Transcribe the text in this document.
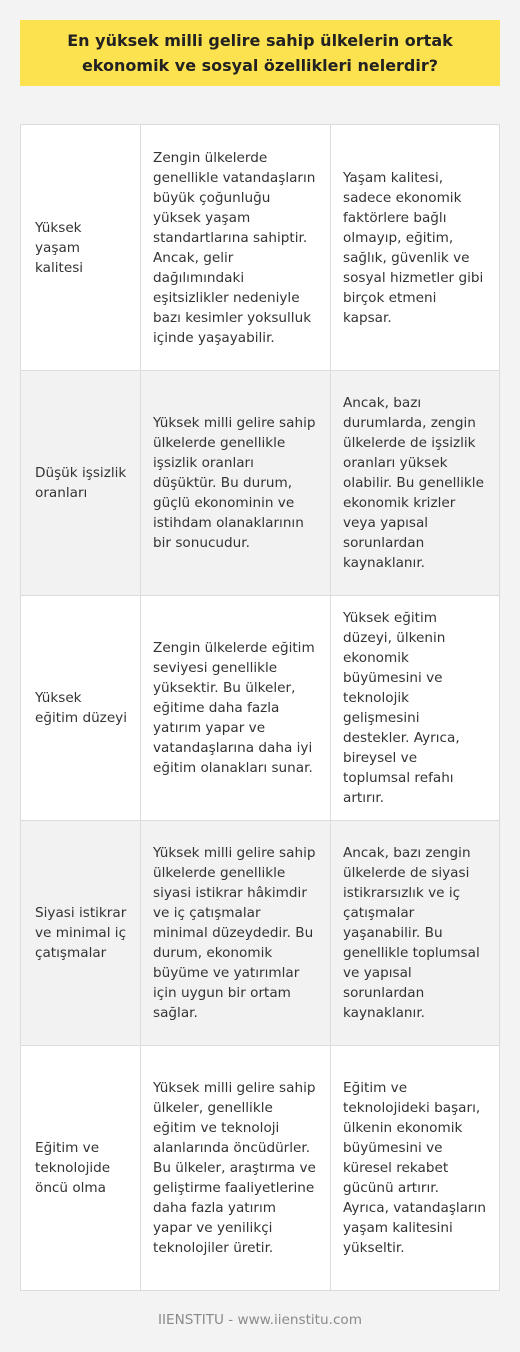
En yüksek milli gelire sahip ülkelerin ortak ekonomik ve sosyal özellikleri nelerdir?
Yüksek yaşam kalitesi
Zengin ülkelerde genellikle vatandaşların büyük çoğunluğu yüksek yaşam standartlarına sahiptir. Ancak, gelir dağılımındaki eşitsizlikler nedeniyle bazı kesimler yoksulluk içinde yaşayabilir.
Yaşam kalitesi, sadece ekonomik faktörlere bağlı olmayıp, eğitim, sağlık, güvenlik ve sosyal hizmetler gibi birçok etmeni kapsar.
Düşük işsizlik oranları
Yüksek milli gelire sahip ülkelerde genellikle işsizlik oranları düşüktür. Bu durum, güçlü ekonominin ve istihdam olanaklarının bir sonucudur.
Ancak, bazı durumlarda, zengin ülkelerde de işsizlik oranları yüksek olabilir. Bu genellikle ekonomik krizler veya yapısal sorunlardan kaynaklanır.
Yüksek eğitim düzeyi
Zengin ülkelerde eğitim seviyesi genellikle yüksektir. Bu ülkeler, eğitime daha fazla yatırım yapar ve vatandaşlarına daha iyi eğitim olanakları sunar.
Yüksek eğitim düzeyi, ülkenin ekonomik büyümesini ve teknolojik gelişmesini destekler. Ayrıca, bireysel ve toplumsal refahı artırır.
Siyasi istikrar ve minimal iç çatışmalar
Yüksek milli gelire sahip ülkelerde genellikle siyasi istikrar hâkimdir ve iç çatışmalar minimal düzeydedir. Bu durum, ekonomik büyüme ve yatırımlar için uygun bir ortam sağlar.
Ancak, bazı zengin ülkelerde de siyasi istikrarsızlık ve iç çatışmalar yaşanabilir. Bu genellikle toplumsal ve yapısal sorunlardan kaynaklanır.
Eğitim ve teknolojide öncü olma
Yüksek milli gelire sahip ülkeler, genellikle eğitim ve teknoloji alanlarında öncüdürler. Bu ülkeler, araştırma ve geliştirme faaliyetlerine daha fazla yatırım yapar ve yenilikçi teknolojiler üretir.
Eğitim ve teknolojideki başarı, ülkenin ekonomik büyümesini ve küresel rekabet gücünü artırır. Ayrıca, vatandaşların yaşam kalitesini yükseltir.
IIENSTITU - www.iienstitu.com
